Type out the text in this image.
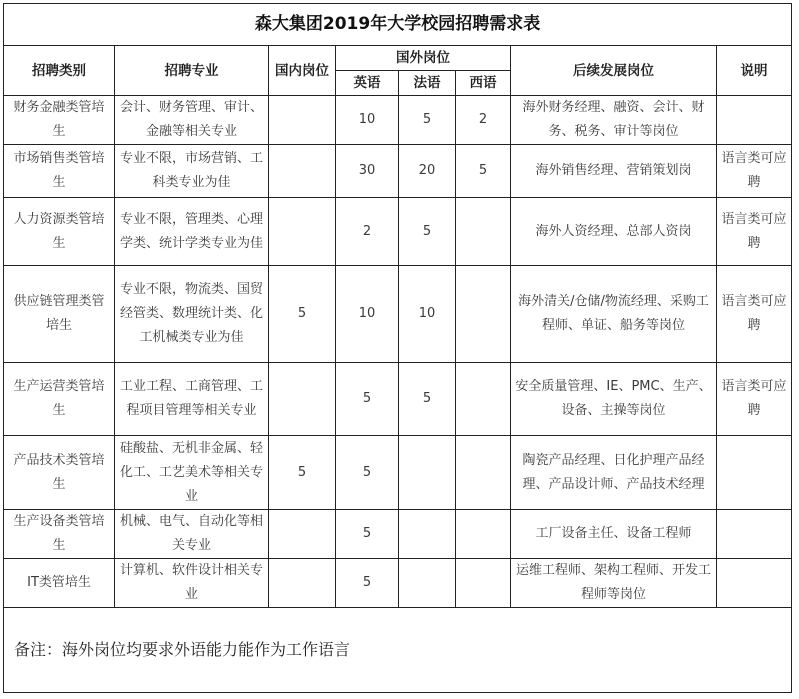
森大集团2019年大学校园招聘需求表							
招聘类别	招聘专业	国内岗位	国外岗位			后续发展岗位	说明
			英语	法语	西语		
财务金融类管培生	会计、财务管理、审计、金融等相关专业		10	5	2	海外财务经理、融资、会计、财务、税务、审计等岗位	
市场销售类管培生	专业不限，市场营销、工科类专业为佳		30	20	5	海外销售经理、营销策划岗	语言类可应聘
人力资源类管培生	专业不限，管理类、心理学类、统计学类专业为佳		2	5		海外人资经理、总部人资岗	语言类可应聘
供应链管理类管培生	专业不限，物流类、国贸经管类、数理统计类、化工机械类专业为佳	5	10	10		海外清关/仓储/物流经理、采购工程师、单证、船务等岗位	语言类可应聘
生产运营类管培生	工业工程、工商管理、工程项目管理等相关专业		5	5		安全质量管理、IE、PMC、生产、设备、主操等岗位	语言类可应聘
产品技术类管培生	硅酸盐、无机非金属、轻化工、工艺美术等相关专业	5	5			陶瓷产品经理、日化护理产品经理、产品设计师、产品技术经理	
生产设备类管培生	机械、电气、自动化等相关专业		5			工厂设备主任、设备工程师	
IT类管培生	计算机、软件设计相关专业		5			运维工程师、架构工程师、开发工程师等岗位	
备注：海外岗位均要求外语能力能作为工作语言							
